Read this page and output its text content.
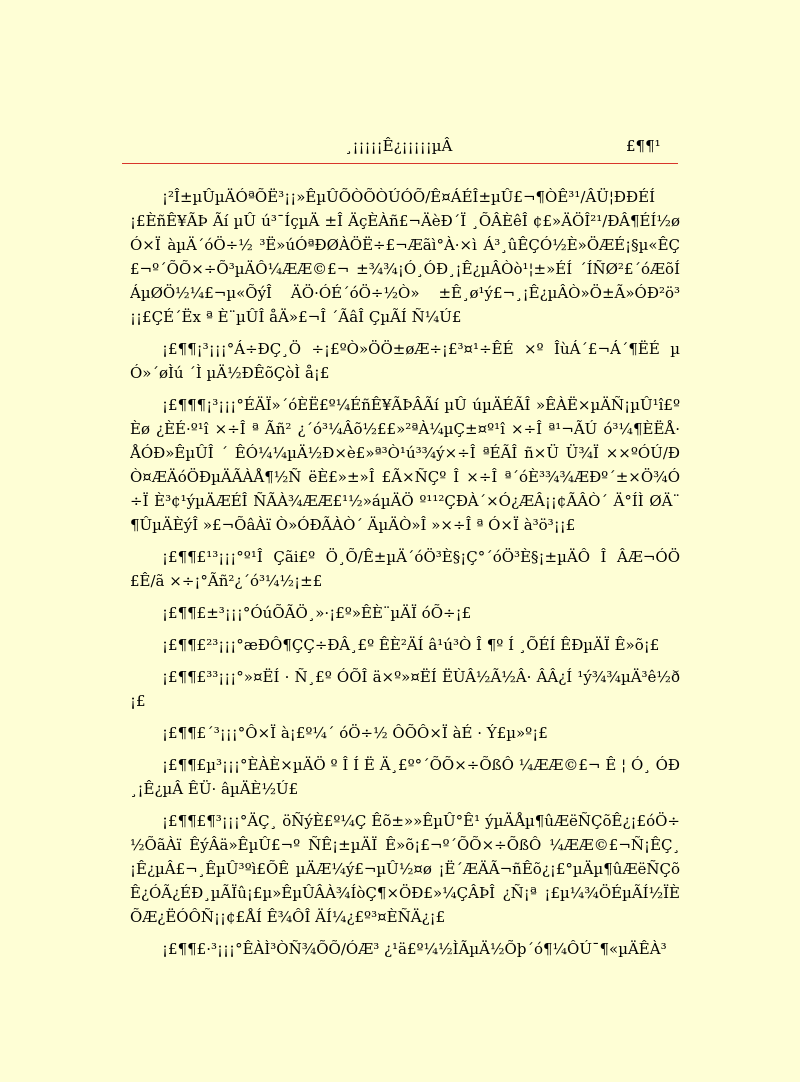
¸¡¡¡¡¡Ê¿¡¡¡¡¡µÂ	£¶¶¹

¡²Î±µÛµÄÓªÕË³¡¡»ÊµÛÕÒÕÒÚÓÕ/Ê¤ÁÉÎ±µÛ£¬¶ÒÊ³¹/ÂÜ¦ÐÐÉÍ¡£ÈñÊ¥ÃÞ Ãí µÛ ú³¯ÍçµÄ ±Î ÄçÈÀñ£¬ÄèÐ´Ï ¸ÕÂÈêÎ ¢£»ÄÖÎ²¹/ÐÂ¶ÉÍ½øÓ×Ï àµÄ´óÖ÷½ ³Ë»úÓªÐØÀÖË÷£¬Æãì°À·×ì Á³¸ûÊÇÓ½È»ÖÆÉ¡§µ«ÊÇ£¬º´ÕÕ×÷Õ³µÄÔ¼ÆÆ©£¬ ±¾¾¡Ó¸ÓÐ¸¡Ê¿µÂÒò¹¦±»ÉÍ ´ÍÑØ²£´óÆõÍÁµØÖ½¼£¬µ«ÕýÎ ÄÖ·ÓÉ´óÖ÷½Ò» ±Ê¸ø¹ý£¬¸¡Ê¿µÂÒ»Ö±Ã»ÓÐ²ö³¡¡£ÇÉ´Ëx ª È¨µÛÎ åÄ»£¬Î ´ÃâÎ ÇµÃÍ Ñ¼Ú£

¡£¶¶¡³¡¡¡°Á÷ÐÇ¸Ö ÷¡£ºÒ»ÖÖ±øÆ÷¡£³¤¹÷ÊÉ ×º ÎùÁ´£¬Á´¶ËÉ µÓ»´øÌú ´Ì µÄ½ÐÊõÇòÌ å¡£

¡£¶¶¶¡³¡¡¡°ÉÄÏ»´óÈË£º¼ÉñÊ¥ÃÞÂÃí µÛ úµÄÉÃÎ »ÊÀË×µÄÑ¡µÛ¹î£ºÈø ¿ÈÉ·º¹î ×÷Î ª Ãñ² ¿´ó³¼Âõ½££»²ªÀ¼µÇ±¤º¹î ×÷Î ª¹¬ÃÚ ó³¼¶ÈËÅ·ÅÓÐ»ÊµÛÎ ´ ÊÓ¼¼µÄ½Ð×è£»ª³Ò¹ú³¾ý×÷Î ªÉÃÎ ñ×Ü Ü¾Ï ××ºÓÚ/ÐÒ¤ÆÄóÖÐµÄÃÀÅ¶½Ñ ëÈ£»±»Î £Ã×ÑÇº Î ×÷Î ª´óÈ³¾¾ÆÐº´±×Ö¾Ó÷Ï È³¢¹ýµÄÆÉÎ ÑÃÀ¾ÆÆ£¹½»áµÄÖ º¹¹²ÇÐÀ´×Ó¿ÆÂ¡¡¢ÃÂÒ´ Ä°ÍÌ ØÄ¨ ¶ÛµÄÈýÎ »£¬ÕâÀï Ò»ÓÐÃÀÒ´ ÄµÄÒ»Î »×÷Î ª Ó×Ï à³ö³¡¡£

¡£¶¶£¹³¡¡¡°º¹Î Çãi£º Ö¸Õ/Ê±µÄ´óÖ³È§¡Ç°´óÖ³È§¡±µÄÔ Î ÂÆ¬ÓÖ£Ê/ã ×÷¡°Ãñ²¿´ó³¼½¡±£

¡£¶¶£±³¡¡¡°ÓúÕÃÖ¸»·¡£º»ÊÈ¨µÄÏ óÕ÷¡£

¡£¶¶£²³¡¡¡°æÐÔ¶ÇÇ÷ÐÂ¸£º ÊÈ²ÄÍ â¹ú³Ò Î ¶º Í ¸ÕÉÍ ÊÐµÄÏ Ê»õ¡£

¡£¶¶£³³¡¡¡°»¤ËÍ · Ñ¸£º ÓÕÎ ä×º»¤ËÍ ËÙÂ½Ã½Â· ÂÂ¿Í ¹ý¾¾µÄ³ê½ð¡£

¡£¶¶£´³¡¡¡°Ô×Ï à¡£º¼´ óÖ÷½ ÔÕÔ×Ï àÉ · Ý£µ»º¡£

¡£¶¶£µ³¡¡¡°ÈÀÈ×µÄÖ º Î Í Ë Ä¸£º°´ÕÕ×÷ÕßÔ ¼ÆÆ©£¬ Ê ¦ Ó¸ ÓÐ ¸¡Ê¿µÂ ÊÜ· âµÄÈ½Ú£

¡£¶¶£¶³¡¡¡°ÄÇ¸ öÑýÈ£º¼Ç Êõ±»»ÊµÛ°Ê¹ ýµÄÅµ¶ûÆëÑÇõÊ¿¡£óÖ÷ ½ÕãÀï ÊýÂä»ÊµÛ£¬º ÑÊ¡±µÄÏ Ê»õ¡£¬º´ÕÕ×÷ÕßÔ ¼ÆÆ©£¬Ñ¡ÊÇ¸¡Ê¿µÂ£¬¸ÊµÛ³ºì£ÕÊ µÄÆ¼ý£¬µÛ½¤ø ¡Ë´ÆÄÃ¬ñÊõ¿¡£°µÄµ¶ûÆëÑÇõ Ê¿ÓÃ¿ÉÐ¸µÃÏû¡£µ»ÊµÛÂÀ¾ÍòÇ¶×ÖÐ£»¼ÇÂÞÎ ¿Ñ¡ª ¡£µ¼¾ÖÉµÃÍ½ÏÈÕÆ¿ËÓÔÑ¡¡¢£ÅÍ Ê¾ÔÎ ÄÍ¼¿£º³¤ÈÑÄ¿¡£

¡£¶¶£·³¡¡¡°ÊÀÌ³ÒÑ¾ÕÕ/ÓÆ³ ¿¹ä£º¼½ÌÃµÄ½Õþ´ó¶¼ÔÚ¯¶«µÄÊÀ³
